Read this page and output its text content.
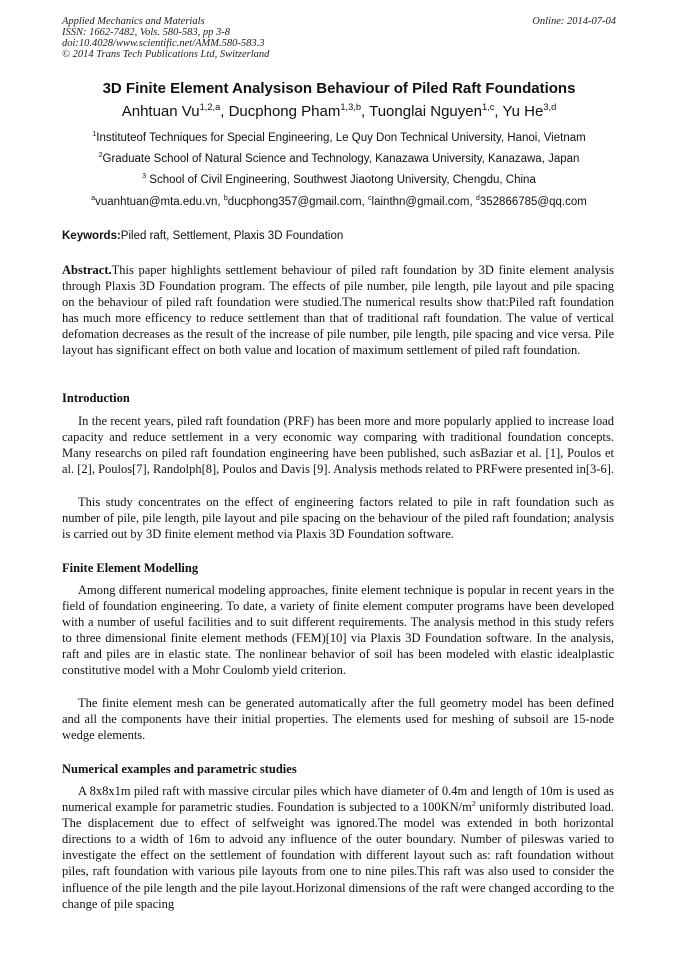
Applied Mechanics and Materials	Online: 2014-07-04
ISSN: 1662-7482, Vols. 580-583, pp 3-8
doi:10.4028/www.scientific.net/AMM.580-583.3
© 2014 Trans Tech Publications Ltd, Switzerland
3D Finite Element Analysison Behaviour of Piled Raft Foundations
Anhtuan Vu$^{1,2,a}$, Ducphong Pham$^{1,3,b}$, Tuonglai Nguyen$^{1,c}$, Yu He$^{3,d}$
$^1$Instituteof Techniques for Special Engineering, Le Quy Don Technical University, Hanoi, Vietnam
$^2$Graduate School of Natural Science and Technology, Kanazawa University, Kanazawa, Japan
$^3$ School of Civil Engineering, Southwest Jiaotong University, Chengdu, China
$^a$vuanhtuan@mta.edu.vn, $^b$ducphong357@gmail.com, $^c$lainthn@gmail.com, $^d$352866785@qq.com
Keywords:Piled raft, Settlement, Plaxis 3D Foundation
Abstract.This paper highlights settlement behaviour of piled raft foundation by 3D finite element analysis through Plaxis 3D Foundation program. The effects of pile number, pile length, pile layout and pile spacing on the behaviour of piled raft foundation were studied.The numerical results show that:Piled raft foundation has much more efficency to reduce settlement than that of traditional raft foundation. The value of vertical defomation decreases as the result of the increase of pile number, pile length, pile spacing and vice versa. Pile layout has significant effect on both value and location of maximum settlement of piled raft foundation.
Introduction
In the recent years, piled raft foundation (PRF) has been more and more popularly applied to increase load capacity and reduce settlement in a very economic way comparing with traditional foundation concepts. Many researchs on piled raft foundation engineering have been published, such asBaziar et al. [1], Poulos et al. [2], Poulos[7], Randolph[8], Poulos and Davis [9]. Analysis methods related to PRFwere presented in[3-6].
This study concentrates on the effect of engineering factors related to pile in raft foundation such as number of pile, pile length, pile layout and pile spacing on the behaviour of the piled raft foundation; analysis is carried out by 3D finite element method via Plaxis 3D Foundation software.
Finite Element Modelling
Among different numerical modeling approaches, finite element technique is popular in recent years in the field of foundation engineering. To date, a variety of finite element computer programs have been developed with a number of useful facilities and to suit different requirements. The analysis method in this study refers to three dimensional finite element methods (FEM)[10] via Plaxis 3D Foundation software. In the analysis, raft and piles are in elastic state. The nonlinear behavior of soil has been modeled with elastic idealplastic constitutive model with a Mohr Coulomb yield criterion.
The finite element mesh can be generated automatically after the full geometry model has been defined and all the components have their initial properties. The elements used for meshing of subsoil are 15-node wedge elements.
Numerical examples and parametric studies
A 8x8x1m piled raft with massive circular piles which have diameter of 0.4m and length of 10m is used as numerical example for parametric studies. Foundation is subjected to a $100KN/m^2$ uniformly distributed load. The displacement due to effect of selfweight was ignored.The model was extended in both horizontal directions to a width of 16m to advoid any influence of the outer boundary. Number of pileswas varied to investigate the effect on the settlement of foundation with different layout such as: raft foundation without piles, raft foundation with various pile layouts from one to nine piles.This raft was also used to consider the influence of the pile length and the pile layout.Horizonal dimensions of the raft were changed according to the change of pile spacing
